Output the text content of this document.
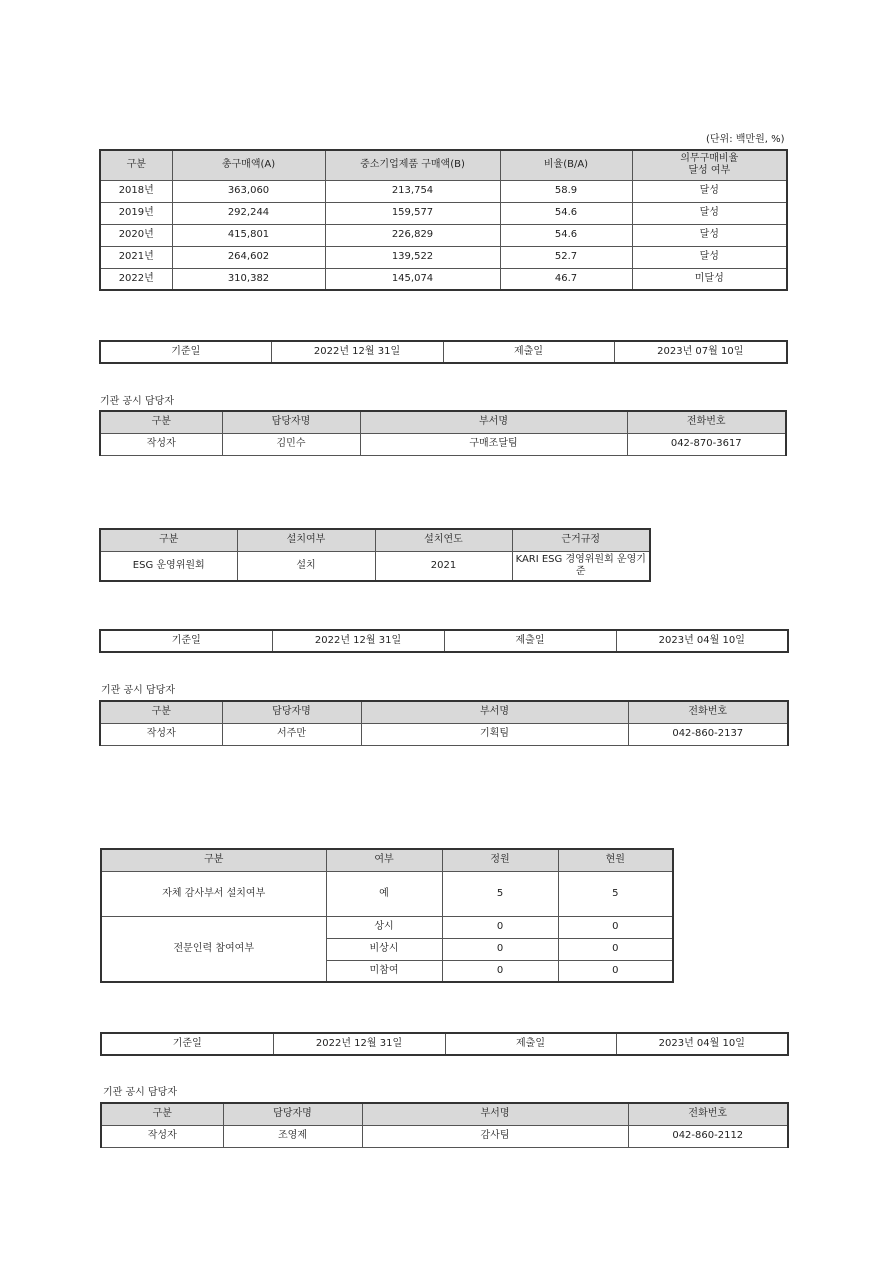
(단위: 백만원, %)
구분	총구매액(A)	중소기업제품 구매액(B)	비율(B/A)	의무구매비율
달성 여부

2018년	363,060	213,754	58.9	달성
2019년	292,244	159,577	54.6	달성
2020년	415,801	226,829	54.6	달성
2021년	264,602	139,522	52.7	달성
2022년	310,382	145,074	46.7	미달성
기준일	2022년 12월 31일	제출일	2023년 07월 10일
기관 공시 담당자
구분	담당자명	부서명	전화번호
작성자	김민수	구매조달팀	042-870-3617
구분	설치여부	설치연도	근거규정
ESG 운영위원회	설치	2021	KARI ESG 경영위원회 운영기
준
기준일	2022년 12월 31일	제출일	2023년 04월 10일
기관 공시 담당자
구분	담당자명	부서명	전화번호
작성자	서주만	기획팀	042-860-2137
구분	여부	정원	현원
자체 감사부서 설치여부	예	5	5
전문인력 참여여부	상시	0	0
	비상시	0	0
	미참여	0	0
기준일	2022년 12월 31일	제출일	2023년 04월 10일
기관 공시 담당자
구분	담당자명	부서명	전화번호
작성자	조영제	감사팀	042-860-2112
